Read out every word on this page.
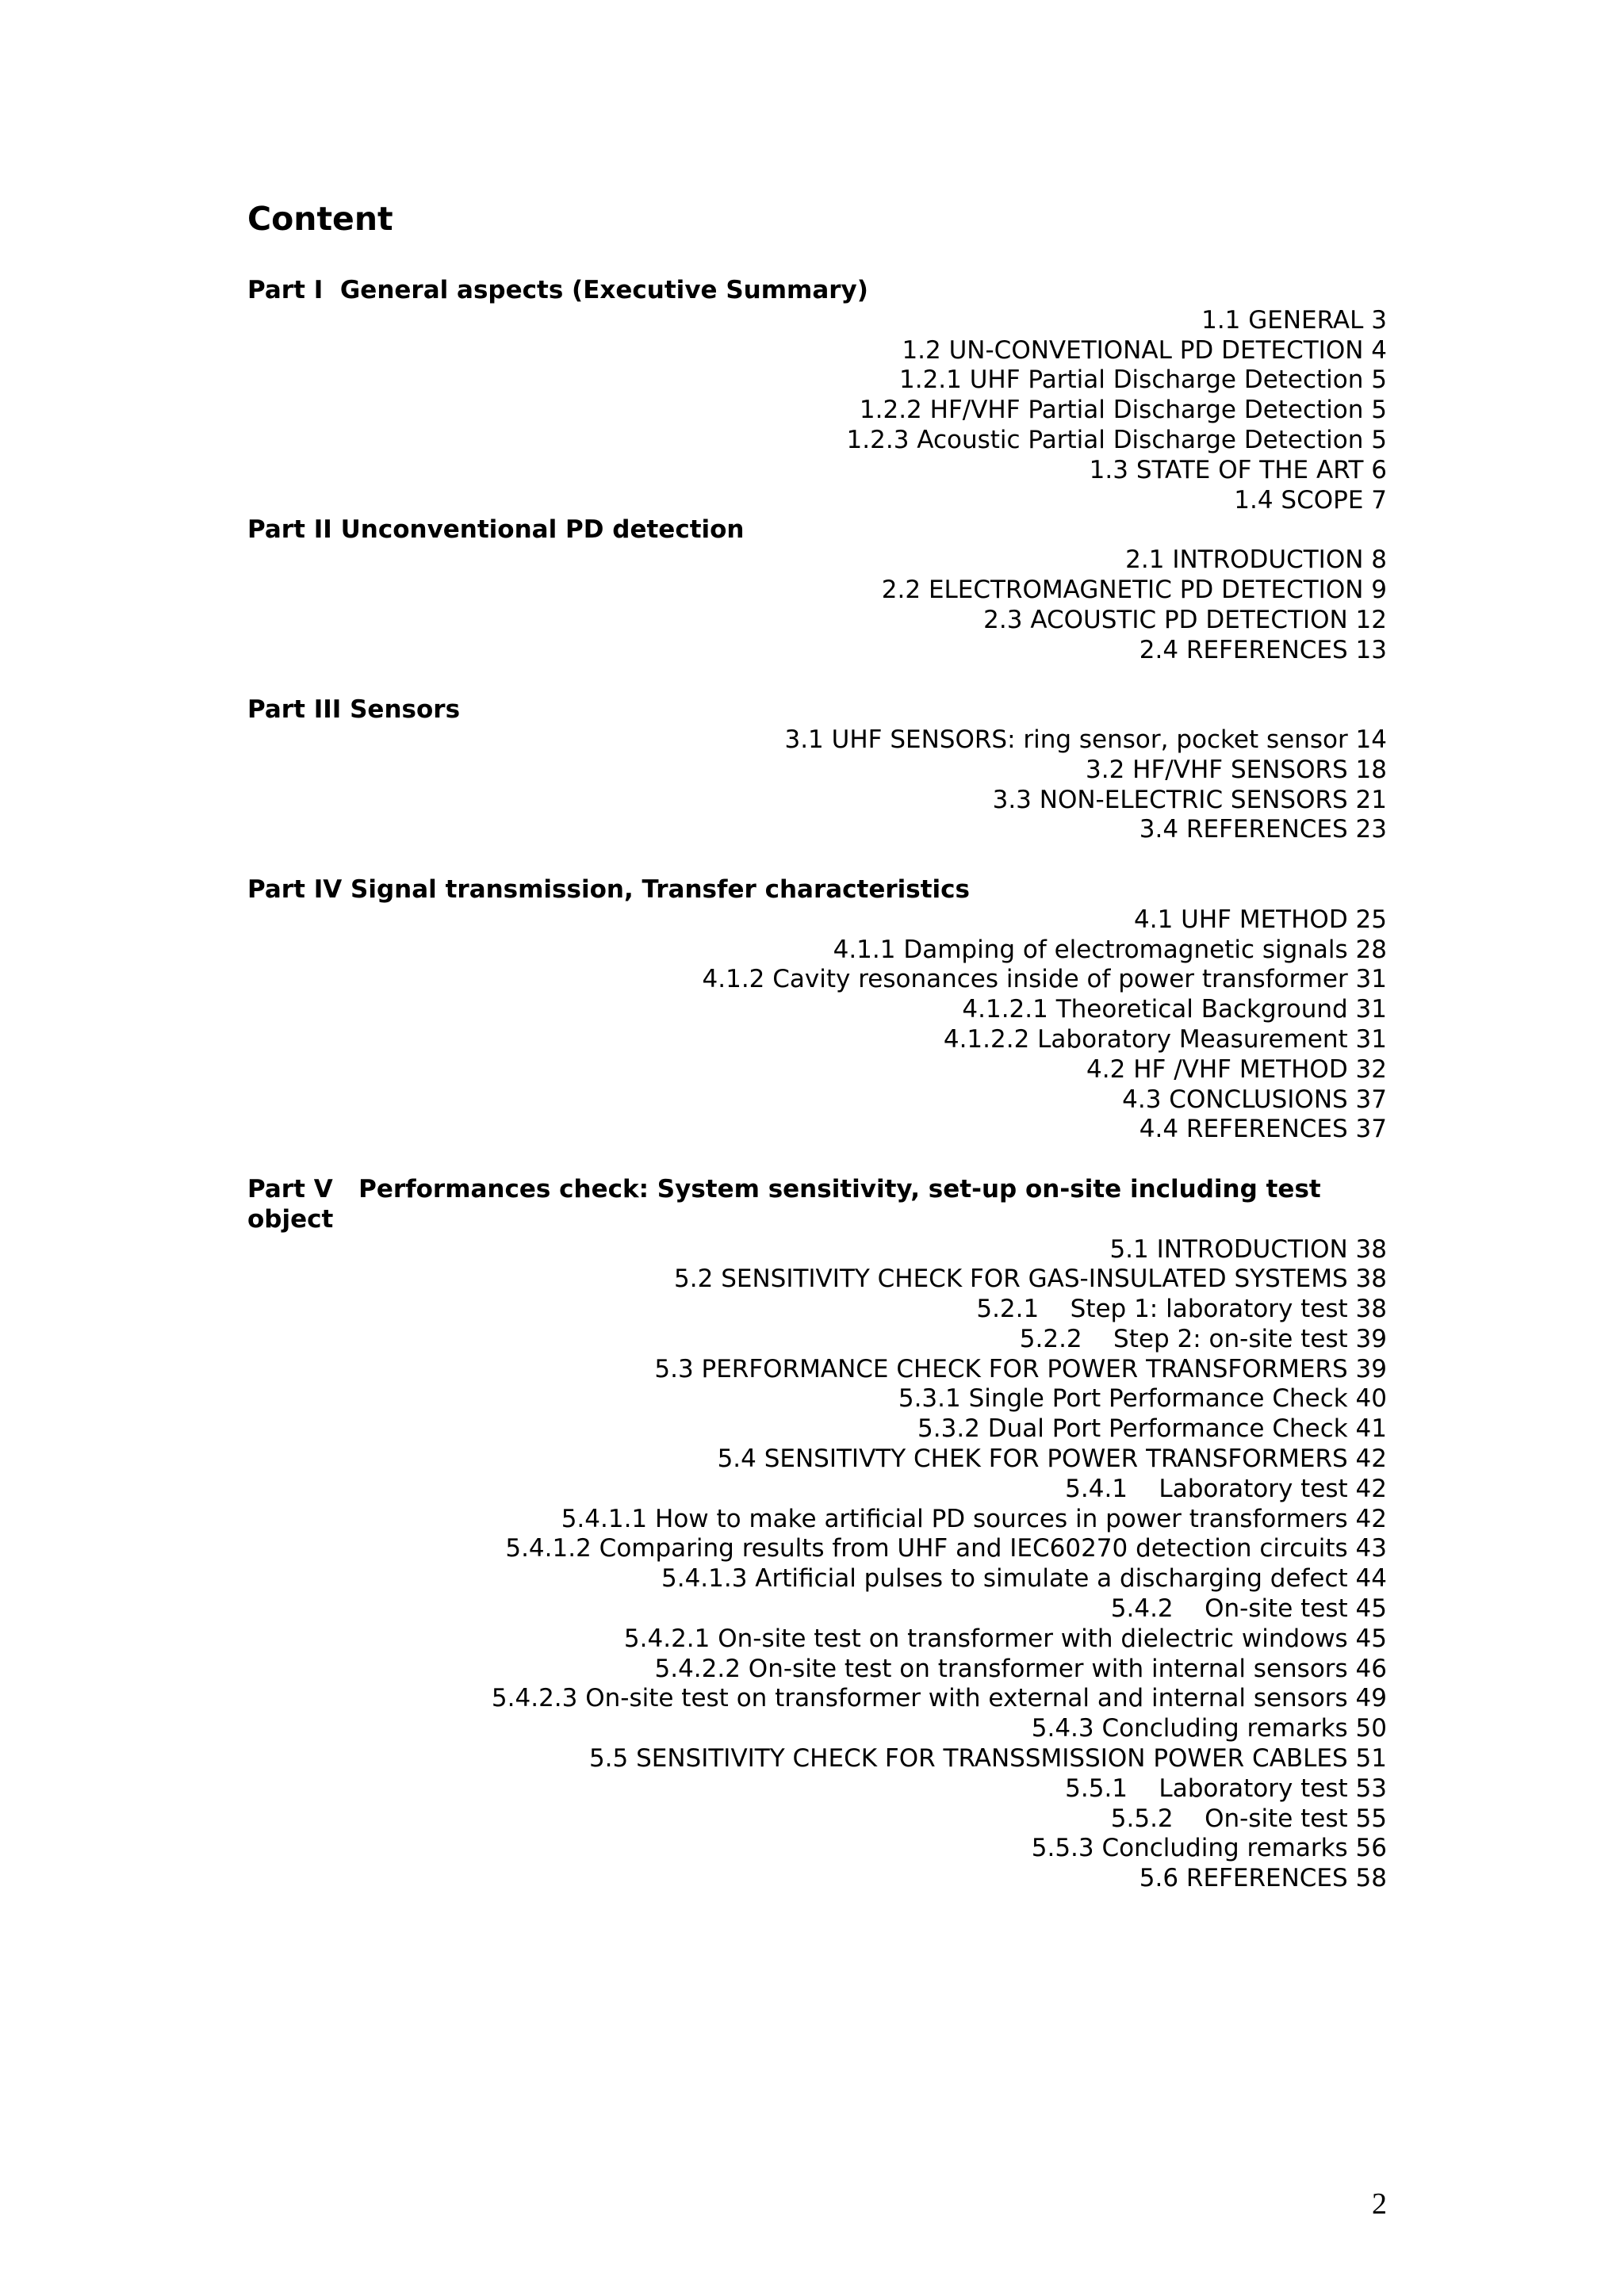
Content
Part I General aspects (Executive Summary)
1.1 GENERAL 3
1.2 UN-CONVETIONAL PD DETECTION 4
1.2.1 UHF Partial Discharge Detection 5
1.2.2 HF/VHF Partial Discharge Detection 5
1.2.3 Acoustic Partial Discharge Detection 5
1.3 STATE OF THE ART 6
1.4 SCOPE 7
Part II Unconventional PD detection
2.1 INTRODUCTION 8
2.2 ELECTROMAGNETIC PD DETECTION 9
2.3 ACOUSTIC PD DETECTION 12
2.4 REFERENCES 13
Part III Sensors
3.1 UHF SENSORS: ring sensor, pocket sensor 14
3.2 HF/VHF SENSORS 18
3.3 NON-ELECTRIC SENSORS 21
3.4 REFERENCES 23
Part IV Signal transmission, Transfer characteristics
4.1 UHF METHOD 25
4.1.1 Damping of electromagnetic signals 28
4.1.2 Cavity resonances inside of power transformer 31
4.1.2.1 Theoretical Background 31
4.1.2.2 Laboratory Measurement 31
4.2 HF /VHF METHOD 32
4.3 CONCLUSIONS 37
4.4 REFERENCES 37
Part V Performances check: System sensitivity, set-up on-site including test
object
5.1 INTRODUCTION 38
5.2 SENSITIVITY CHECK FOR GAS-INSULATED SYSTEMS 38
5.2.1    Step 1: laboratory test 38
5.2.2    Step 2: on-site test 39
5.3 PERFORMANCE CHECK FOR POWER TRANSFORMERS 39
5.3.1 Single Port Performance Check 40
5.3.2 Dual Port Performance Check 41
5.4 SENSITIVTY CHEK FOR POWER TRANSFORMERS 42
5.4.1    Laboratory test 42
5.4.1.1 How to make artificial PD sources in power transformers 42
5.4.1.2 Comparing results from UHF and IEC60270 detection circuits 43
5.4.1.3 Artificial pulses to simulate a discharging defect 44
5.4.2    On-site test 45
5.4.2.1 On-site test on transformer with dielectric windows 45
5.4.2.2 On-site test on transformer with internal sensors 46
5.4.2.3 On-site test on transformer with external and internal sensors 49
5.4.3 Concluding remarks 50
5.5 SENSITIVITY CHECK FOR TRANSSMISSION POWER CABLES 51
5.5.1    Laboratory test 53
5.5.2    On-site test 55
5.5.3 Concluding remarks 56
5.6 REFERENCES 58
2
